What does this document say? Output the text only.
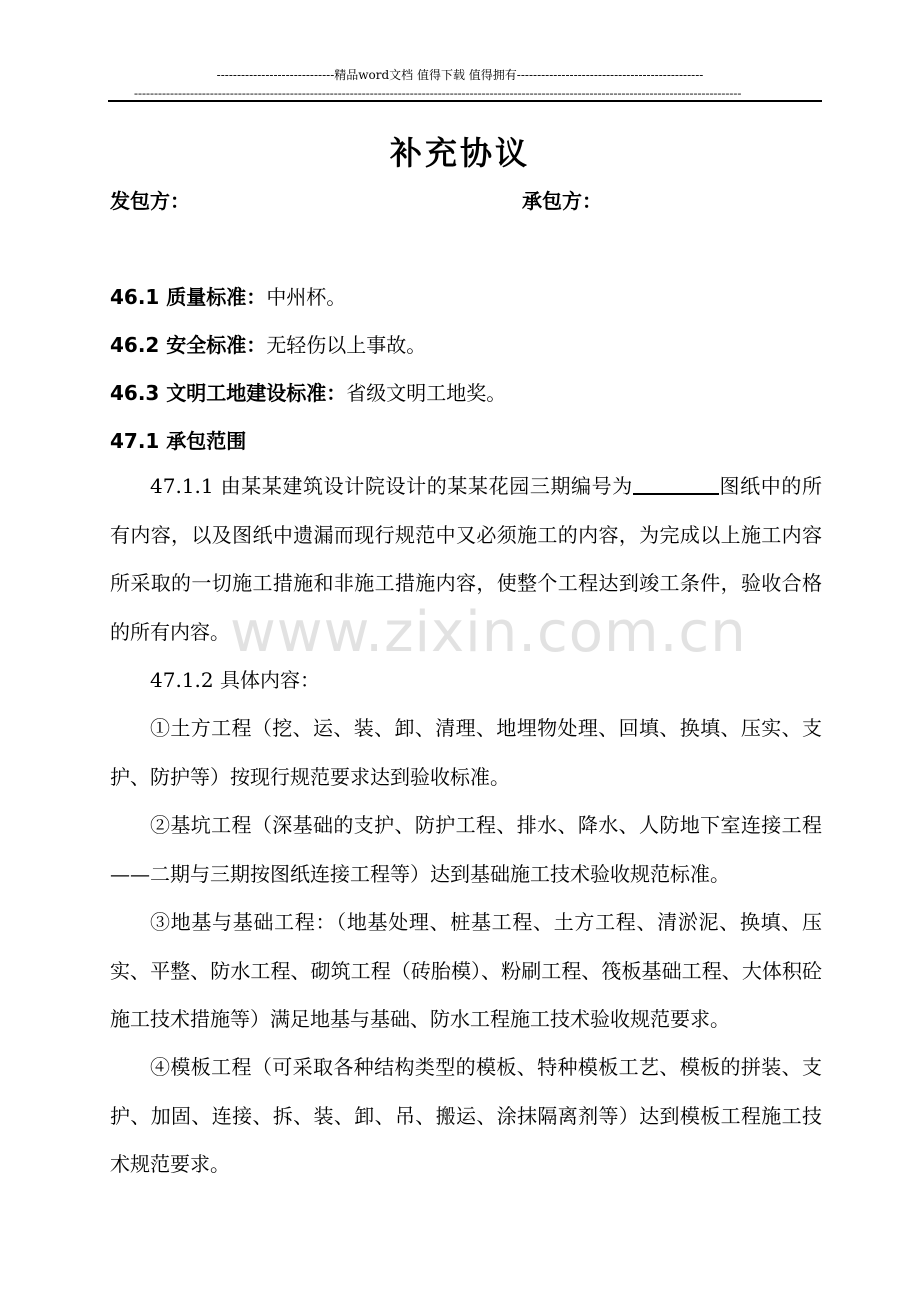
-----------------------------精品word文档 值得下载 值得拥有----------------------------------------------
--------------------------------------------------------------------------------------------------------------------------------------------------------
补充协议
发包方：	承包方：
46.1 质量标准：中州杯。
46.2 安全标准：无轻伤以上事故。
46.3 文明工地建设标准：省级文明工地奖。
47.1 承包范围
47.1.1 由某某建筑设计院设计的某某花园三期编号为	图纸中的所有内容，以及图纸中遗漏而现行规范中又必须施工的内容，为完成以上施工内容所采取的一切施工措施和非施工措施内容，使整个工程达到竣工条件，验收合格的所有内容。
47.1.2 具体内容：
①土方工程（挖、运、装、卸、清理、地埋物处理、回填、换填、压实、支护、防护等）按现行规范要求达到验收标准。
②基坑工程（深基础的支护、防护工程、排水、降水、人防地下室连接工程——二期与三期按图纸连接工程等）达到基础施工技术验收规范标准。
③地基与基础工程：（地基处理、桩基工程、土方工程、清淤泥、换填、压实、平整、防水工程、砌筑工程（砖胎模）、粉刷工程、筏板基础工程、大体积砼施工技术措施等）满足地基与基础、防水工程施工技术验收规范要求。
④模板工程（可采取各种结构类型的模板、特种模板工艺、模板的拼装、支护、加固、连接、拆、装、卸、吊、搬运、涂抹隔离剂等）达到模板工程施工技术规范要求。
www.zixin.com.cn
